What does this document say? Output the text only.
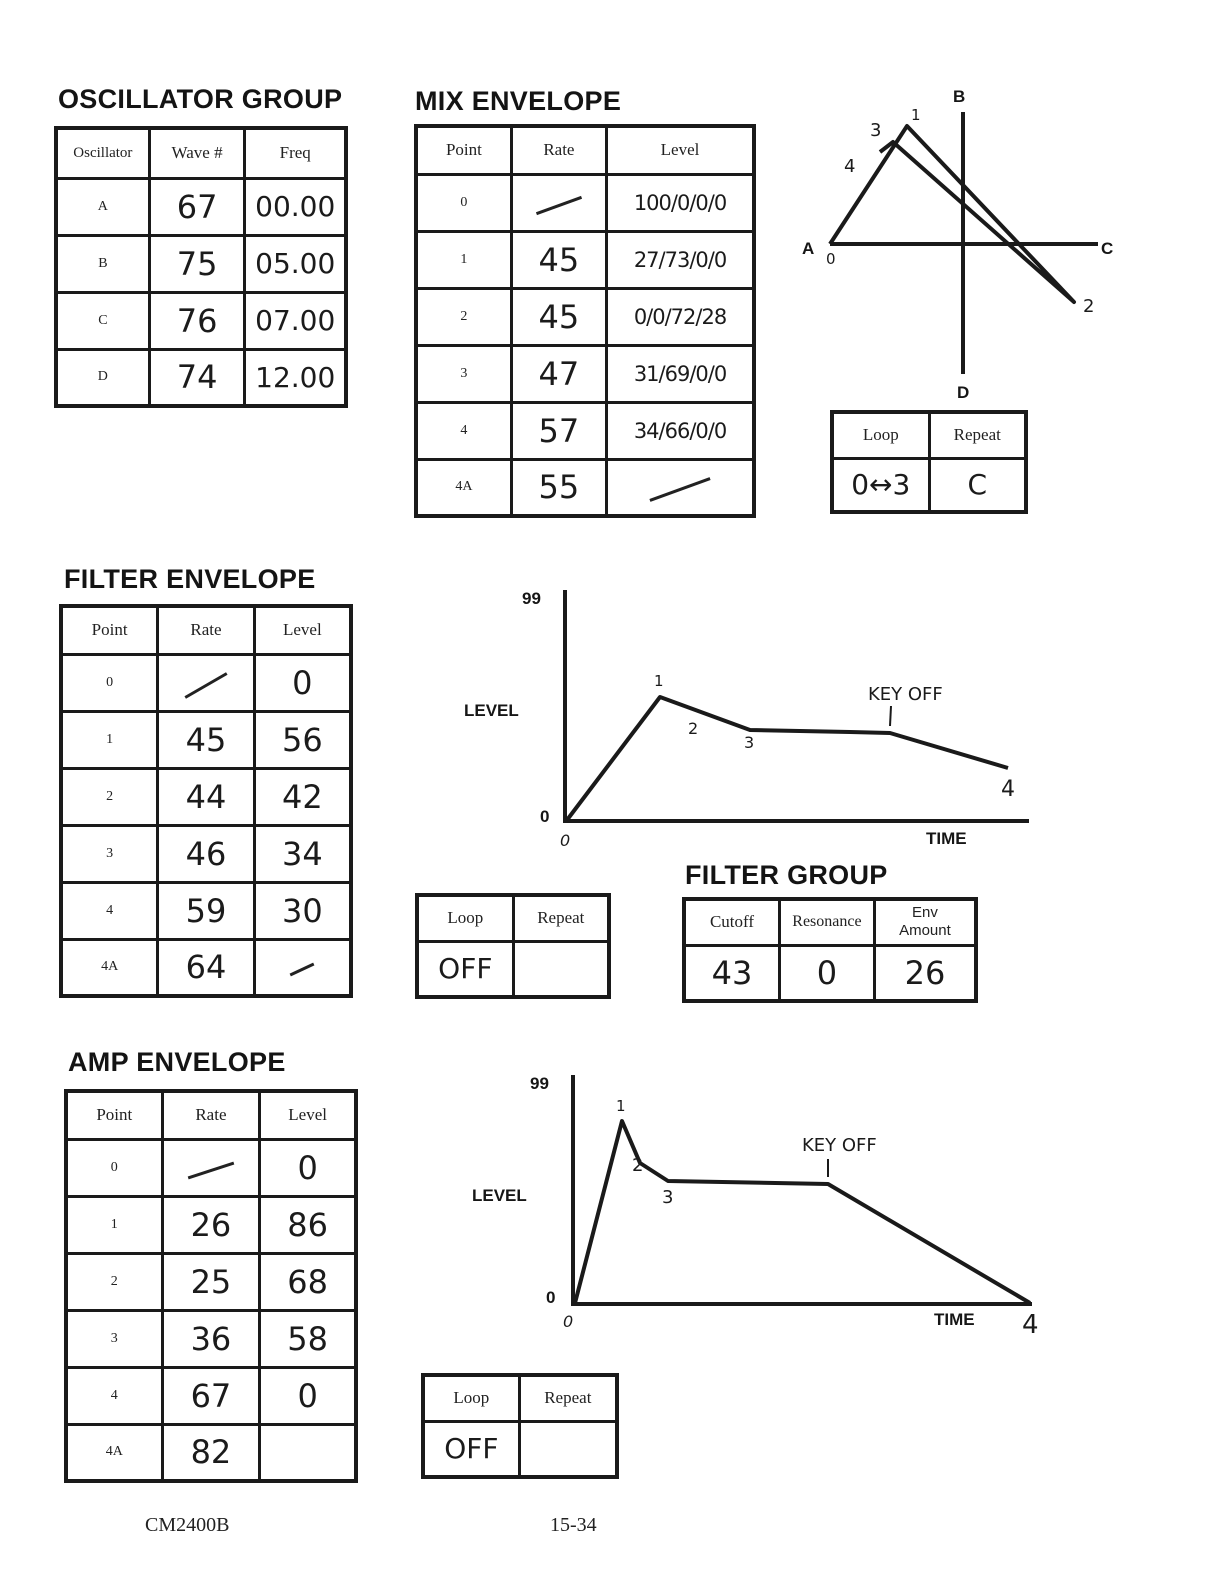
OSCILLATOR GROUP
Oscillator	Wave #	Freq
A	67	00.00
B	75	05.00
C	76	07.00
D	74	12.00
MIX ENVELOPE
Point	Rate	Level
0		100/0/0/0
1	45	27/73/0/0
2	45	0/0/72/28
3	47	31/69/0/0
4	57	34/66/0/0
4A	55	
B
D
A	C
0
1
2
3
4
Loop	Repeat
0↔3	C
FILTER ENVELOPE
Point	Rate	Level
0		0
1	45	56
2	44	42
3	46	34
4	59	30
4A	64	
99
0
LEVEL
TIME
0
1
2
3
4
KEY OFF
Loop	Repeat
OFF	
FILTER GROUP
Cutoff	Resonance	Env
Amount

43	0	26
AMP ENVELOPE
Point	Rate	Level
0		0
1	26	86
2	25	68
3	36	58
4	67	0
4A	82	
99
0
LEVEL
TIME
0
1
2
3
4
KEY OFF
Loop	Repeat
OFF	
CM2400B	15-34
